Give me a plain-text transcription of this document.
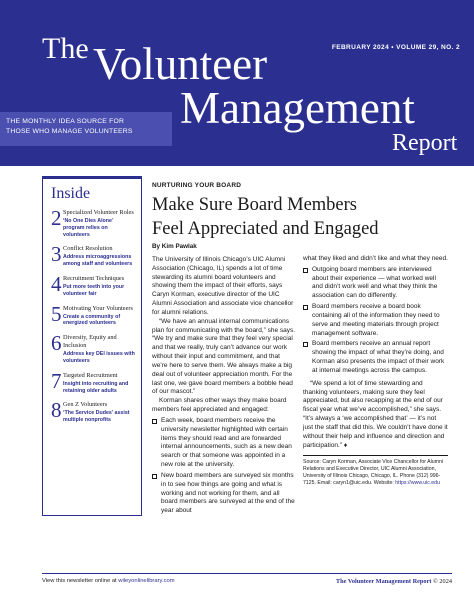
FEBRUARY 2024 • VOLUME 29, NO. 2
The Volunteer
THE MONTHLY IDEA SOURCE FOR
THOSE WHO MANAGE VOLUNTEERS	Management
Report
Inside
2 Specialized Volunteer Roles
‘No One Dies Alone’ program relies on volunteers
3 Conflict Resolution
Address microaggressions among staff and volunteers
4 Recruitment Techniques
Put more teeth into your volunteer fair
5 Motivating Your Volunteers
Create a community of energized volunteers
6 Diversity, Equity and Inclusion
Address key DEI issues with volunteers
7 Targeted Recruitment
Insight into recruiting and retaining older adults
8 Gen Z Volunteers
‘The Service Dudes’ assist multiple nonprofits
NURTURING YOUR BOARD
Make Sure Board Members
Feel Appreciated and Engaged
By Kim Pawlak

The University of Illinois Chicago’s UIC Alumni Association (Chicago, IL) spends a lot of time stewarding its alumni board volunteers and showing them the impact of their efforts, says Caryn Korman, executive director of the UIC Alumni Association and associate vice chancellor for alumni relations.

“We have an annual internal communications plan for communicating with the board,” she says. “We try and make sure that they feel very special and that we really, truly can’t advance our work without their input and commitment, and that we’re here to serve them. We always make a big deal out of volunteer appreciation month. For the last one, we gave board members a bobble head of our mascot.”

Korman shares other ways they make board members feel appreciated and engaged:

Each week, board members receive the university newsletter highlighted with certain items they should read and are forwarded internal announcements, such as a new dean search or that someone was appointed in a new role at the university.
New board members are surveyed six months in to see how things are going and what is working and not working for them, and all board members are surveyed at the end of the year about

what they liked and didn’t like and what they need.

Outgoing board members are interviewed about their experience — what worked well and didn’t work well and what they think the association can do differently.
Board members receive a board book containing all of the information they need to serve and meeting materials through project management software.
Board members receive an annual report showing the impact of what they’re doing, and Korman also presents the impact of their work at internal meetings across the campus.

“We spend a lot of time stewarding and thanking volunteers, making sure they feel appreciated, but also recapping at the end of our fiscal year what we’ve accomplished,” she says. “It’s always a ‘we accomplished that’ — it’s not just the staff that did this. We couldn’t have done it without their help and influence and direction and participation.” ♦

Source: Caryn Korman, Associate Vice Chancellor for Alumni Relations and Executive Director, UIC Alumni Association, University of Illinois Chicago, Chicago, IL. Phone (312) 996-7125. Email: caryn1@uic.edu. Website: https://www.uic.edu
View this newsletter online at wileyonlinelibrary.com	The Volunteer Management Report © 2024
